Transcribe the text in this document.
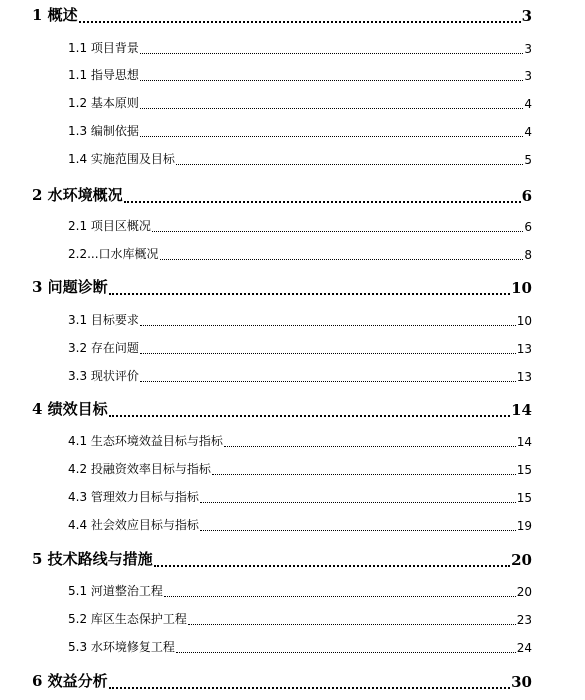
1 概述	3
1.1 项目背景	3
1.1 指导思想	3
1.2 基本原则	4
1.3 编制依据	4
1.4 实施范围及目标	5
2 水环境概况	6
2.1 项目区概况	6
2.2...口水库概况	8
3 问题诊断	10
3.1 目标要求	10
3.2 存在问题	13
3.3 现状评价	13
4 绩效目标	14
4.1 生态环境效益目标与指标	14
4.2 投融资效率目标与指标	15
4.3 管理效力目标与指标	15
4.4 社会效应目标与指标	19
5 技术路线与措施	20
5.1 河道整治工程	20
5.2 库区生态保护工程	23
5.3 水环境修复工程	24
6 效益分析	30
